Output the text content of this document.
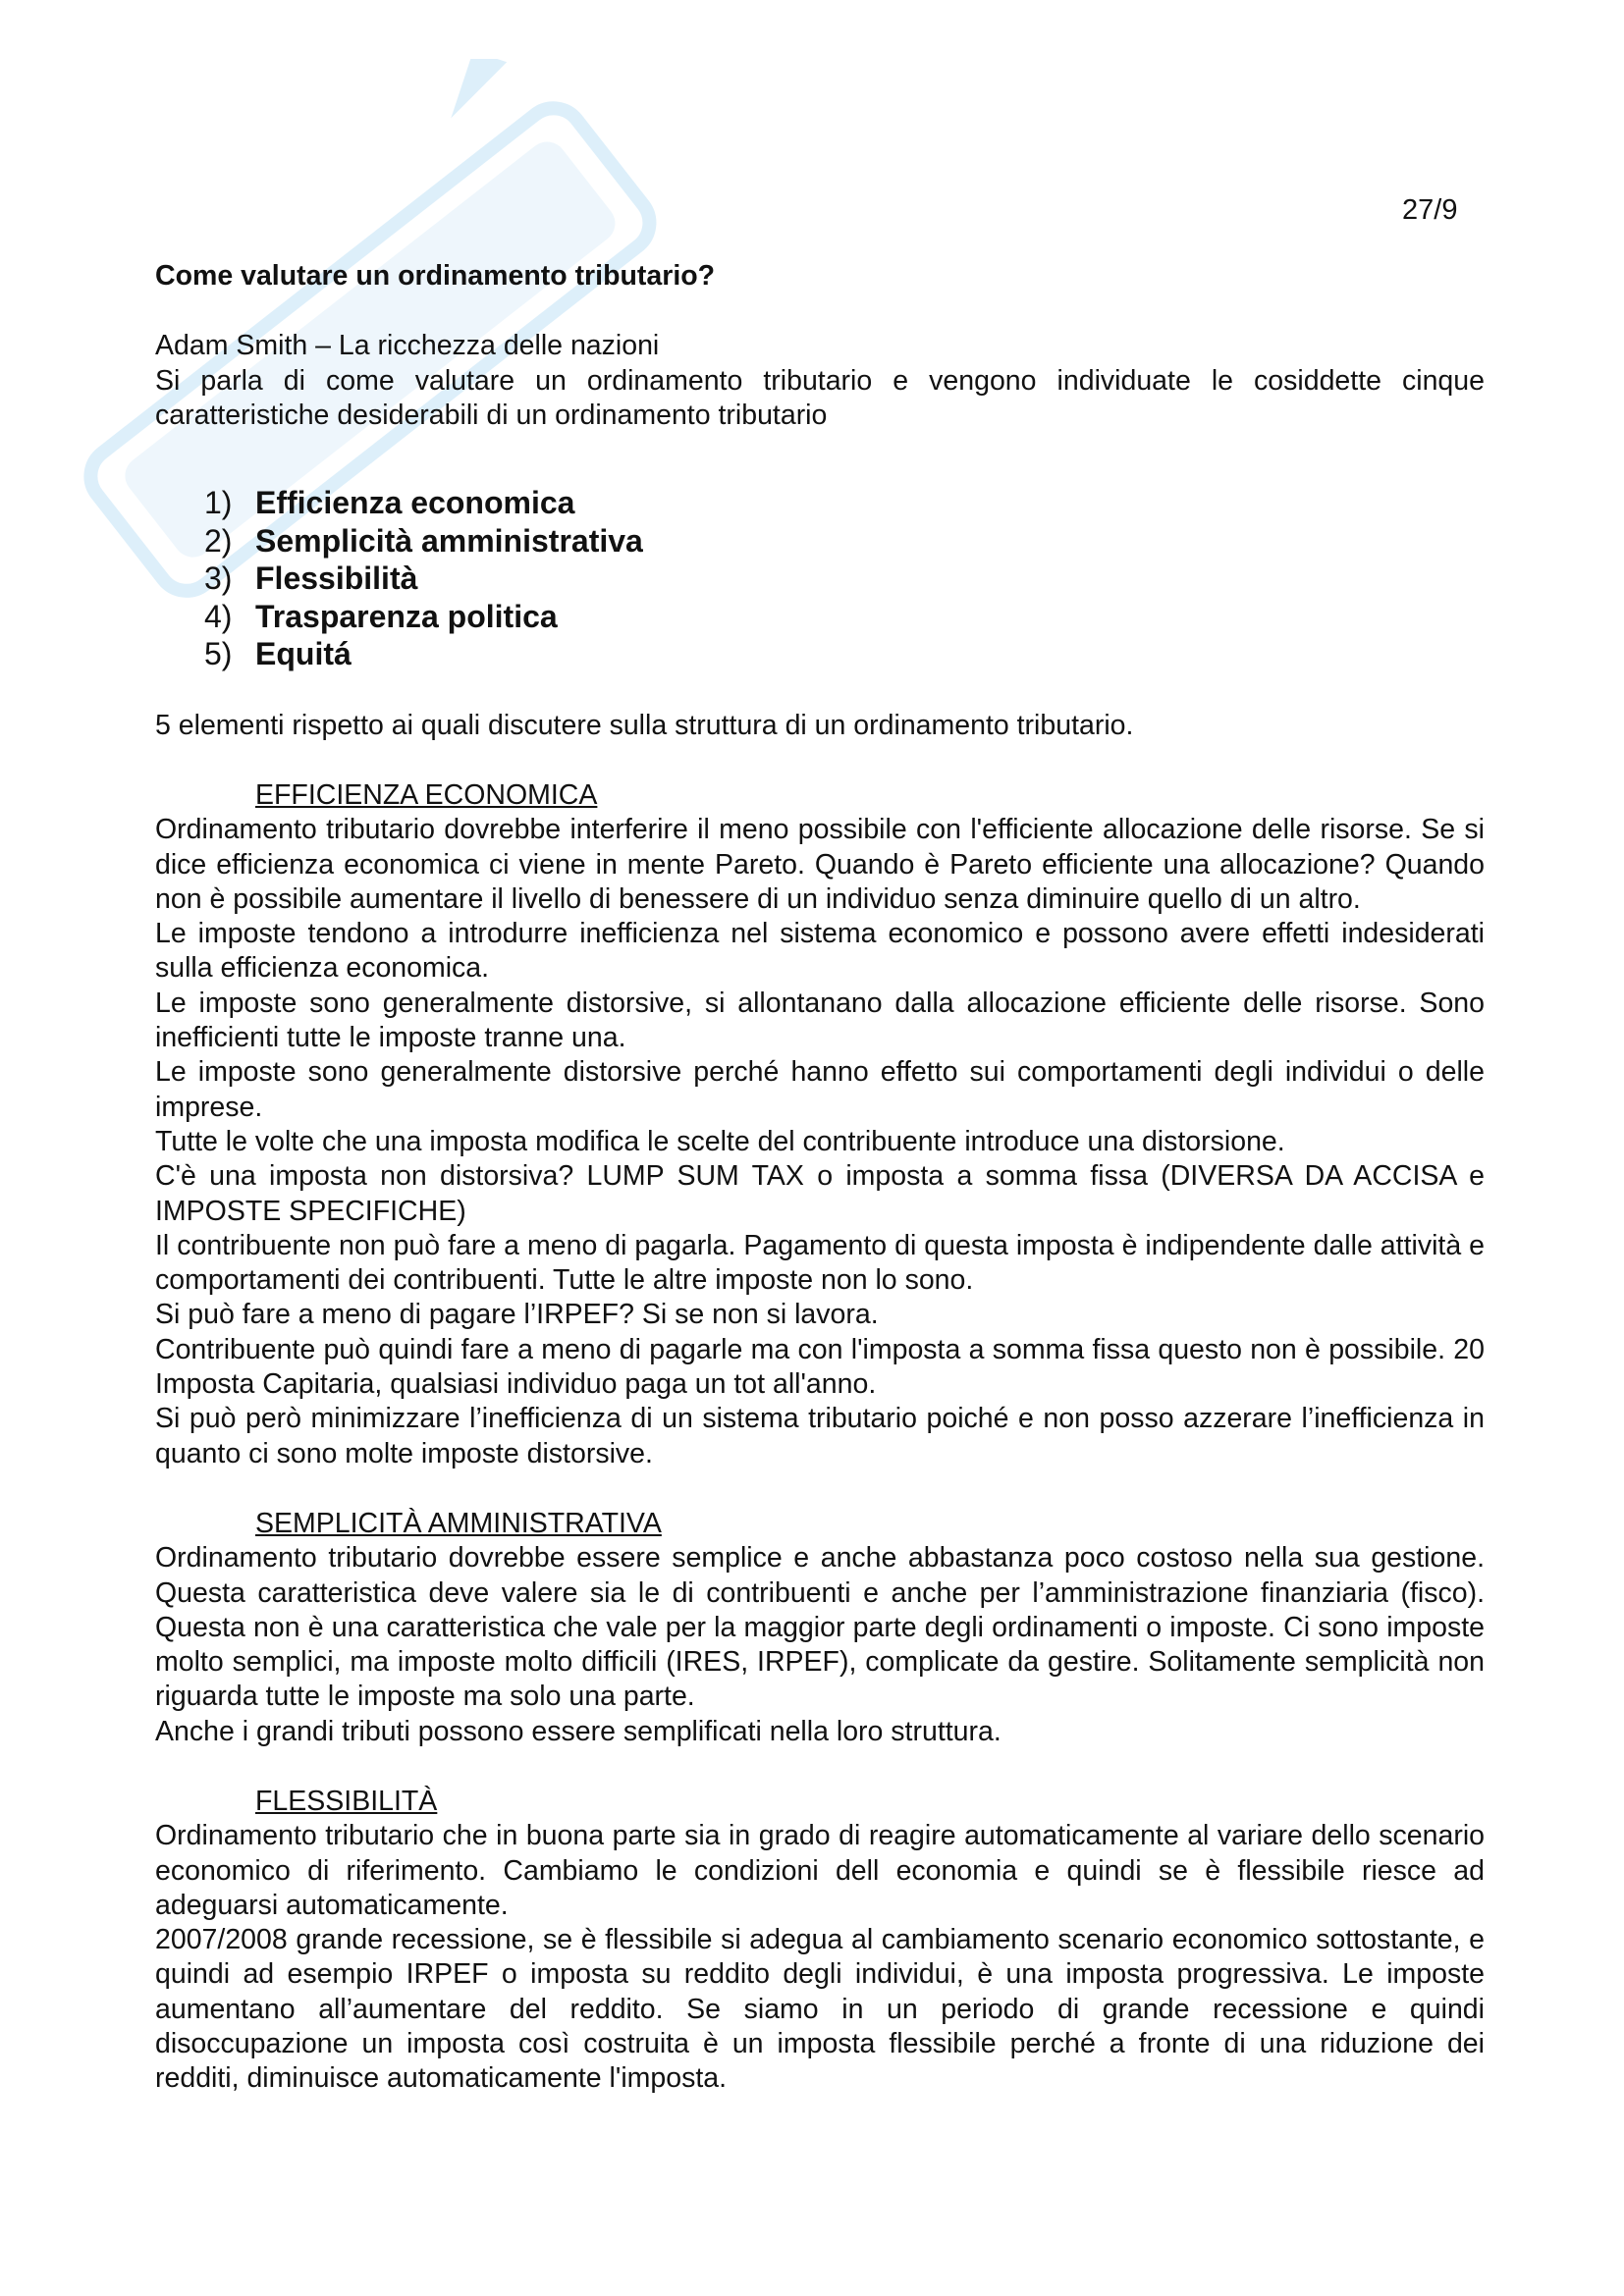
27/9
Come valutare un ordinamento tributario?

Adam Smith – La ricchezza delle nazioni

Si parla di come valutare un ordinamento tributario e vengono individuate le cosiddette cinque caratteristiche desiderabili di un ordinamento tributario

1) Efficienza economica
2) Semplicità amministrativa
3) Flessibilità
4) Trasparenza politica
5) Equitá

5 elementi rispetto ai quali discutere sulla struttura di un ordinamento tributario.

EFFICIENZA ECONOMICA

Ordinamento tributario dovrebbe interferire il meno possibile con l'efficiente allocazione delle risorse. Se si dice efficienza economica ci viene in mente Pareto. Quando è Pareto efficiente una allocazione? Quando non è possibile aumentare il livello di benessere di un individuo senza diminuire quello di un altro.

Le imposte tendono a introdurre inefficienza nel sistema economico e possono avere effetti indesiderati sulla efficienza economica.

Le imposte sono generalmente distorsive, si allontanano dalla allocazione efficiente delle risorse. Sono inefficienti tutte le imposte tranne una.

Le imposte sono generalmente distorsive perché hanno effetto sui comportamenti degli individui o delle imprese.

Tutte le volte che una imposta modifica le scelte del contribuente introduce una distorsione.

C'è una imposta non distorsiva? LUMP SUM TAX o imposta a somma fissa (DIVERSA DA ACCISA e IMPOSTE SPECIFICHE)

Il contribuente non può fare a meno di pagarla. Pagamento di questa imposta è indipendente dalle attività e comportamenti dei contribuenti. Tutte le altre imposte non lo sono.

Si può fare a meno di pagare l’IRPEF? Si se non si lavora.

Contribuente può quindi fare a meno di pagarle ma con l'imposta a somma fissa questo non è possibile. 20 Imposta Capitaria, qualsiasi individuo paga un tot all'anno.

Si può però minimizzare l’inefficienza di un sistema tributario poiché e non posso azzerare l’inefficienza in quanto ci sono molte imposte distorsive.

SEMPLICITÀ AMMINISTRATIVA

Ordinamento tributario dovrebbe essere semplice e anche abbastanza poco costoso nella sua gestione. Questa caratteristica deve valere sia le di contribuenti e anche per l’amministrazione finanziaria (fisco). Questa non è una caratteristica che vale per la maggior parte degli ordinamenti o imposte. Ci sono imposte molto semplici, ma imposte molto difficili (IRES, IRPEF), complicate da gestire. Solitamente semplicità non riguarda tutte le imposte ma solo una parte.

Anche i grandi tributi possono essere semplificati nella loro struttura.

FLESSIBILITÀ

Ordinamento tributario che in buona parte sia in grado di reagire automaticamente al variare dello scenario economico di riferimento. Cambiamo le condizioni dell economia e quindi se è flessibile riesce ad adeguarsi automaticamente.

2007/2008 grande recessione, se è flessibile si adegua al cambiamento scenario economico sottostante, e quindi ad esempio IRPEF o imposta su reddito degli individui, è una imposta progressiva. Le imposte aumentano all’aumentare del reddito. Se siamo in un periodo di grande recessione e quindi disoccupazione un imposta così costruita è un imposta flessibile perché a fronte di una riduzione dei redditi, diminuisce automaticamente l'imposta.
